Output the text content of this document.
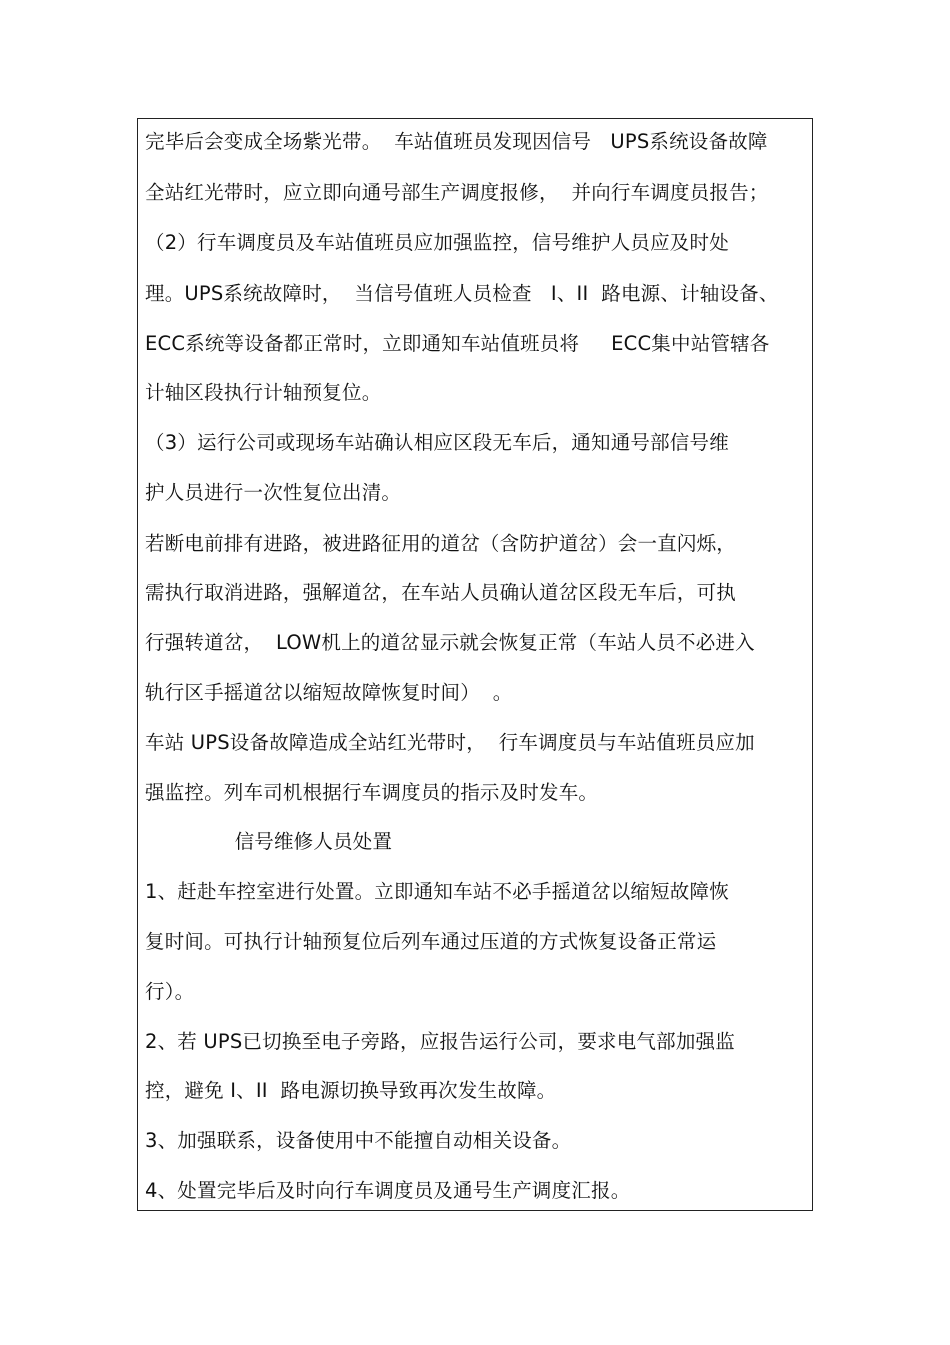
完毕后会变成全场紫光带。  车站值班员发现因信号   UPS系统设备故障
全站红光带时，应立即向通号部生产调度报修，  并向行车调度员报告；
（2）行车调度员及车站值班员应加强监控，信号维护人员应及时处
理。UPS系统故障时，  当信号值班人员检查   I、II  路电源、计轴设备、
ECC系统等设备都正常时，立即通知车站值班员将     ECC集中站管辖各
计轴区段执行计轴预复位。
（3）运行公司或现场车站确认相应区段无车后，通知通号部信号维
护人员进行一次性复位出清。
若断电前排有进路，被进路征用的道岔（含防护道岔）会一直闪烁，
需执行取消进路，强解道岔，在车站人员确认道岔区段无车后，可执
行强转道岔，  LOW机上的道岔显示就会恢复正常（车站人员不必进入
轨行区手摇道岔以缩短故障恢复时间）  。
车站 UPS设备故障造成全站红光带时，  行车调度员与车站值班员应加
强监控。列车司机根据行车调度员的指示及时发车。
信号维修人员处置
1、赶赴车控室进行处置。立即通知车站不必手摇道岔以缩短故障恢
复时间。可执行计轴预复位后列车通过压道的方式恢复设备正常运
行）。
2、若 UPS已切换至电子旁路，应报告运行公司，要求电气部加强监
控，避免 I、II  路电源切换导致再次发生故障。
3、加强联系，设备使用中不能擅自动相关设备。
4、处置完毕后及时向行车调度员及通号生产调度汇报。
